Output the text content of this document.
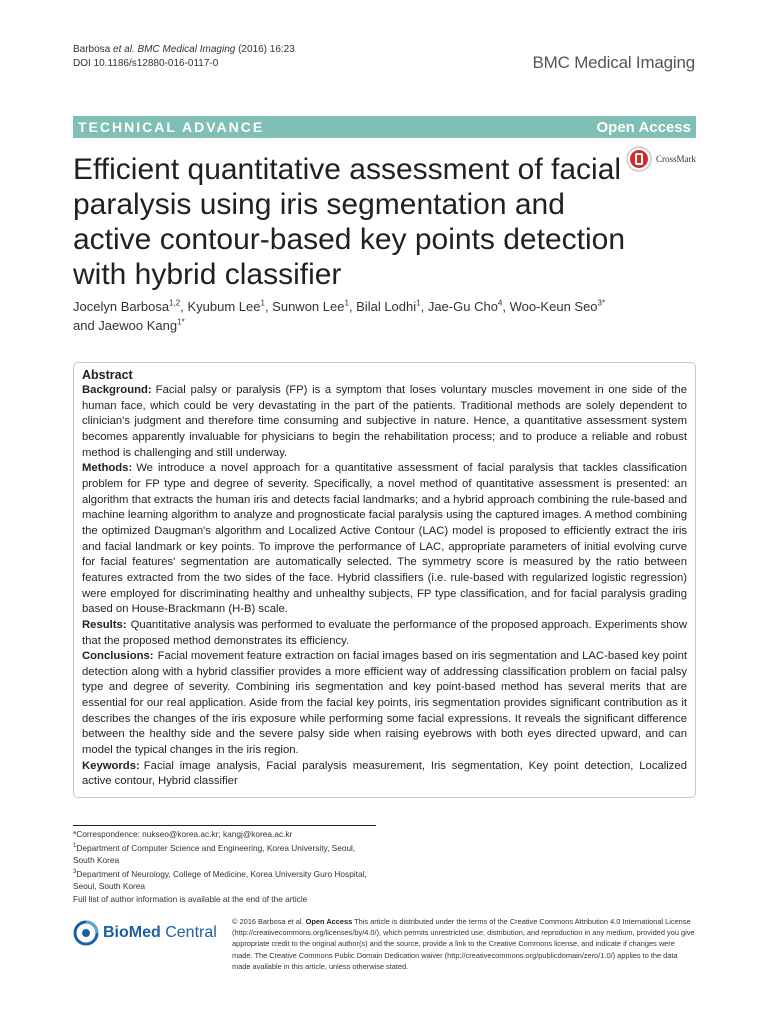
Barbosa et al. BMC Medical Imaging (2016) 16:23
DOI 10.1186/s12880-016-0117-0	BMC Medical Imaging
TECHNICAL ADVANCE	Open Access
Efficient quantitative assessment of facial paralysis using iris segmentation and active contour-based key points detection with hybrid classifier
CrossMark

Jocelyn Barbosa$^{1,2}$, Kyubum Lee$^1$, Sunwon Lee$^1$, Bilal Lodhi$^1$, Jae-Gu Cho$^4$, Woo-Keun Seo$^{3*}$
and Jaewoo Kang$^{1*}$

Abstract

Background: Facial palsy or paralysis (FP) is a symptom that loses voluntary muscles movement in one side of the human face, which could be very devastating in the part of the patients. Traditional methods are solely dependent to clinician's judgment and therefore time consuming and subjective in nature. Hence, a quantitative assessment system becomes apparently invaluable for physicians to begin the rehabilitation process; and to produce a reliable and robust method is challenging and still underway.

Methods: We introduce a novel approach for a quantitative assessment of facial paralysis that tackles classification problem for FP type and degree of severity. Specifically, a novel method of quantitative assessment is presented: an algorithm that extracts the human iris and detects facial landmarks; and a hybrid approach combining the rule-based and machine learning algorithm to analyze and prognosticate facial paralysis using the captured images. A method combining the optimized Daugman's algorithm and Localized Active Contour (LAC) model is proposed to efficiently extract the iris and facial landmark or key points. To improve the performance of LAC, appropriate parameters of initial evolving curve for facial features' segmentation are automatically selected. The symmetry score is measured by the ratio between features extracted from the two sides of the face. Hybrid classifiers (i.e. rule-based with regularized logistic regression) were employed for discriminating healthy and unhealthy subjects, FP type classification, and for facial paralysis grading based on House-Brackmann (H-B) scale.

Results: Quantitative analysis was performed to evaluate the performance of the proposed approach. Experiments show that the proposed method demonstrates its efficiency.

Conclusions: Facial movement feature extraction on facial images based on iris segmentation and LAC-based key point detection along with a hybrid classifier provides a more efficient way of addressing classification problem on facial palsy type and degree of severity. Combining iris segmentation and key point-based method has several merits that are essential for our real application. Aside from the facial key points, iris segmentation provides significant contribution as it describes the changes of the iris exposure while performing some facial expressions. It reveals the significant difference between the healthy side and the severe palsy side when raising eyebrows with both eyes directed upward, and can model the typical changes in the iris region.

Keywords: Facial image analysis, Facial paralysis measurement, Iris segmentation, Key point detection, Localized active contour, Hybrid classifier

*Correspondence: nukseo@korea.ac.kr; kangj@korea.ac.kr

$^1$Department of Computer Science and Engineering, Korea University, Seoul, South Korea

$^3$Department of Neurology, College of Medicine, Korea University Guro Hospital, Seoul, South Korea

Full list of author information is available at the end of the article

BioMed Central
© 2016 Barbosa et al. Open Access This article is distributed under the terms of the Creative Commons Attribution 4.0 International License (http://creativecommons.org/licenses/by/4.0/), which permits unrestricted use, distribution, and reproduction in any medium, provided you give appropriate credit to the original author(s) and the source, provide a link to the Creative Commons license, and indicate if changes were made. The Creative Commons Public Domain Dedication waiver (http://creativecommons.org/publicdomain/zero/1.0/) applies to the data made available in this article, unless otherwise stated.
